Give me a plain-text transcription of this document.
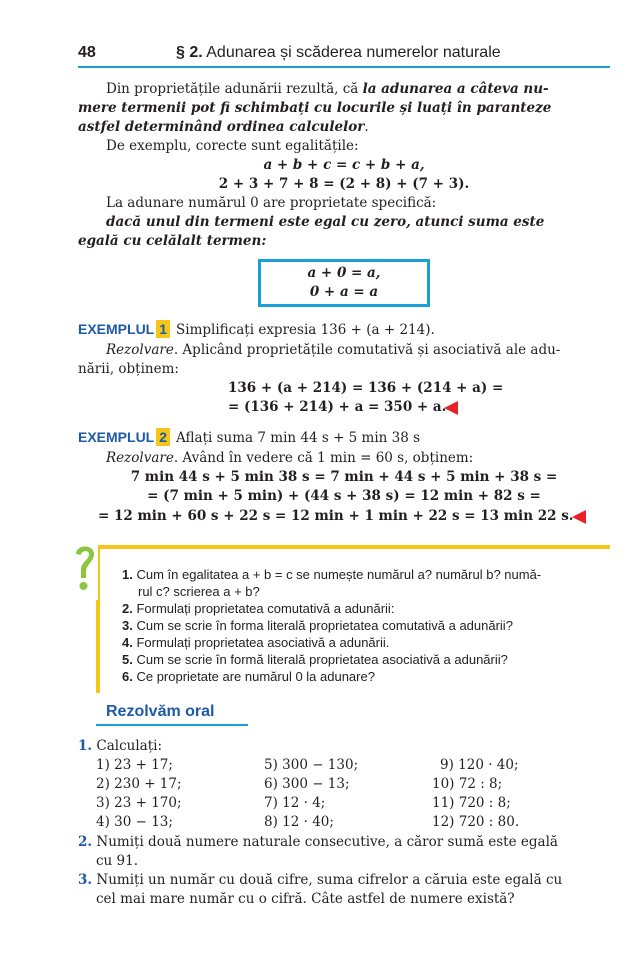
48	§ 2. Adunarea și scăderea numerelor naturale
Din proprietățile adunării rezultă, că la adunarea a câteva nu-
mere termenii pot fi schimbați cu locurile și luați în paranteze
astfel determinând ordinea calculelor.
De exemplu, corecte sunt egalitățile:
a + b + c = c + b + a,
2 + 3 + 7 + 8 = (2 + 8) + (7 + 3).
La adunare numărul 0 are proprietate specifică:
dacă unul din termeni este egal cu zero, atunci suma este
egală cu celălalt termen:
a + 0 = a,
0 + a = a
EXEMPLUL 1 Simplificați expresia 136 + (a + 214).
Rezolvare. Aplicând proprietățile comutativă și asociativă ale adu-
nării, obținem:
136 + (a + 214) = 136 + (214 + a) =
= (136 + 214) + a = 350 + a.
EXEMPLUL 2 Aflați suma 7 min 44 s + 5 min 38 s
Rezolvare. Având în vedere că 1 min = 60 s, obținem:
7 min 44 s + 5 min 38 s = 7 min + 44 s + 5 min + 38 s =
= (7 min + 5 min) + (44 s + 38 s) = 12 min + 82 s =
= 12 min + 60 s + 22 s = 12 min + 1 min + 22 s = 13 min 22 s.
1. Cum în egalitatea a + b = c se numește numărul a? numărul b? numă-
rul c? scrierea a + b?
2. Formulați proprietatea comutativă a adunării:
3. Cum se scrie în forma literală proprietatea comutativă a adunării?
4. Formulați proprietatea asociativă a adunării.
5. Cum se scrie în formă literală proprietatea asociativă a adunării?
6. Ce proprietate are numărul 0 la adunare?
Rezolvăm oral
1. Calculați:
1) 23 + 17;
2) 230 + 17;
3) 23 + 170;
4) 30 − 13;
5) 300 − 130;
6) 300 − 13;
7) 12 · 4;
8) 12 · 40;
9) 120 · 40;
10) 72 : 8;
11) 720 : 8;
12) 720 : 80.
2. Numiți două numere naturale consecutive, a căror sumă este egală
cu 91.
3. Numiți un număr cu două cifre, suma cifrelor a căruia este egală cu
cel mai mare număr cu o cifră. Câte astfel de numere există?
